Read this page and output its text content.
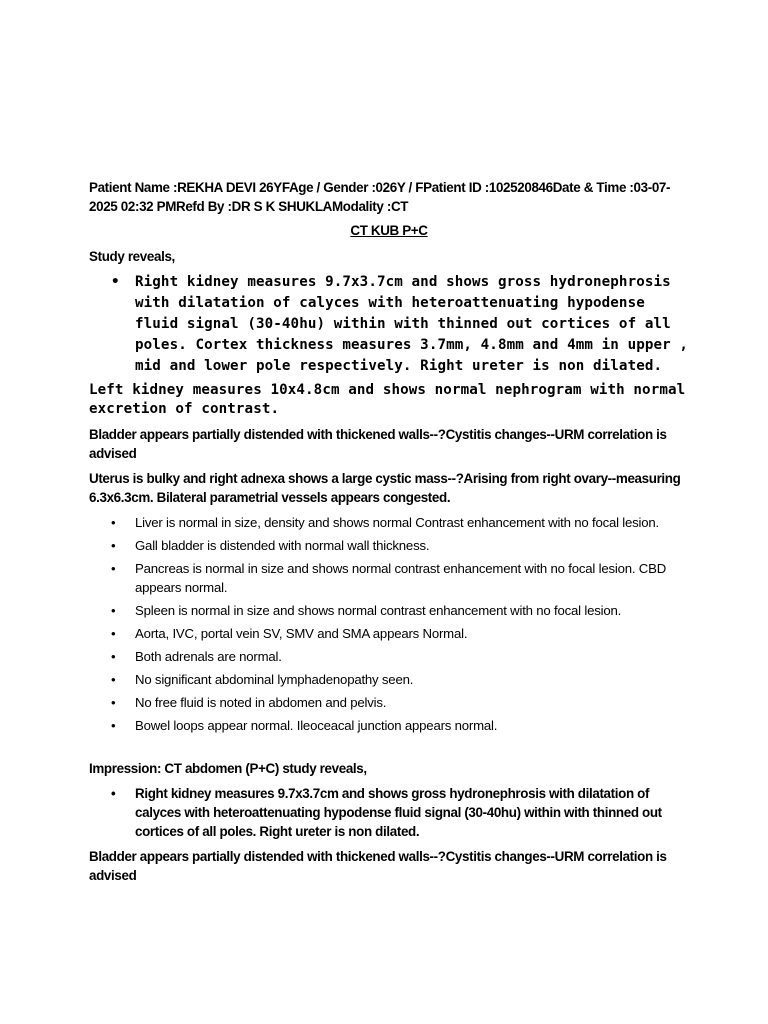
Patient Name :REKHA DEVI 26YFAge / Gender :026Y / FPatient ID :102520846Date & Time :03-07-2025 02:32 PMRefd By :DR S K SHUKLAModality :CT

CT KUB P+C

Study reveals,

• Right kidney measures 9.7x3.7cm and shows gross hydronephrosis with dilatation of calyces with heteroattenuating hypodense fluid signal (30-40hu) within with thinned out cortices of all poles. Cortex thickness measures 3.7mm, 4.8mm and 4mm in upper , mid and lower pole respectively. Right ureter is non dilated.

Left kidney measures 10x4.8cm and shows normal nephrogram with normal excretion of contrast.

Bladder appears partially distended with thickened walls--?Cystitis changes--URM correlation is advised

Uterus is bulky and right adnexa shows a large cystic mass--?Arising from right ovary--measuring 6.3x6.3cm. Bilateral parametrial vessels appears congested.

• Liver is normal in size, density and shows normal Contrast enhancement with no focal lesion.
• Gall bladder is distended with normal wall thickness.
• Pancreas is normal in size and shows normal contrast enhancement with no focal lesion. CBD appears normal.
• Spleen is normal in size and shows normal contrast enhancement with no focal lesion.
• Aorta, IVC, portal vein SV, SMV and SMA appears Normal.
• Both adrenals are normal.
• No significant abdominal lymphadenopathy seen.
• No free fluid is noted in abdomen and pelvis.
• Bowel loops appear normal. Ileoceacal junction appears normal.

Impression: CT abdomen (P+C) study reveals,

• Right kidney measures 9.7x3.7cm and shows gross hydronephrosis with dilatation of calyces with heteroattenuating hypodense fluid signal (30-40hu) within with thinned out cortices of all poles. Right ureter is non dilated.

Bladder appears partially distended with thickened walls--?Cystitis changes--URM correlation is advised
